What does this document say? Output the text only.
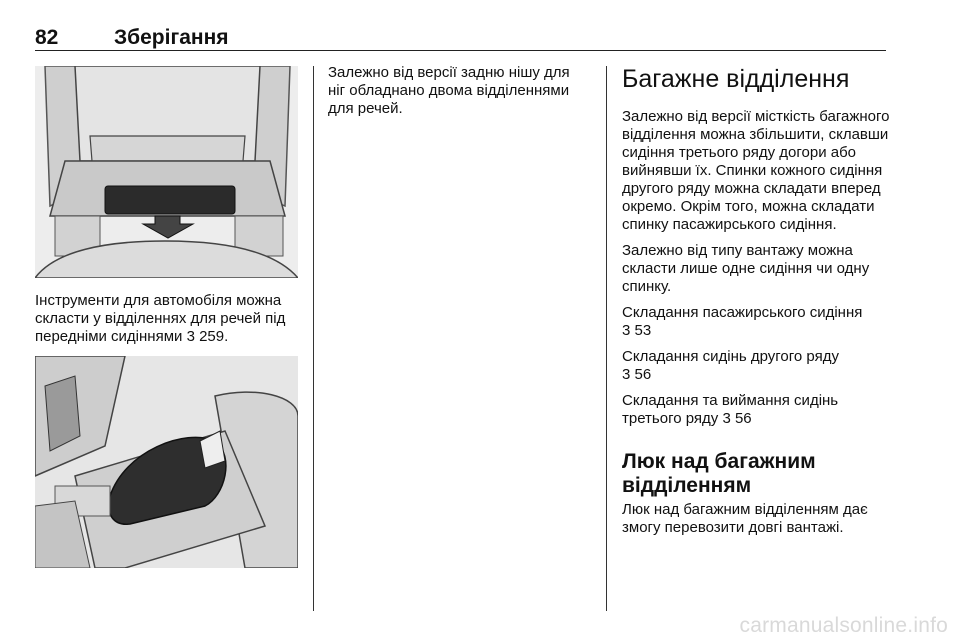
82	Зберігання
Інструменти для автомобіля можна скласти у відділеннях для речей під передніми сидіннями 3 259.

Залежно від версії задню нішу для ніг обладнано двома відділеннями для речей.

Багажне відділення

Залежно від версії місткість багажного відділення можна збільшити, склавши сидіння третього ряду догори або вийнявши їх. Спинки кожного сидіння другого ряду можна складати вперед окремо. Окрім того, можна складати спинку пасажирського сидіння.

Залежно від типу вантажу можна скласти лише одне сидіння чи одну спинку.

Складання пасажирського сидіння
3 53

Складання сидінь другого ряду
3 56

Складання та виймання сидінь третього ряду 3 56

Люк над багажним відділенням

Люк над багажним відділенням дає змогу перевозити довгі вантажі.

carmanualsonline.info
